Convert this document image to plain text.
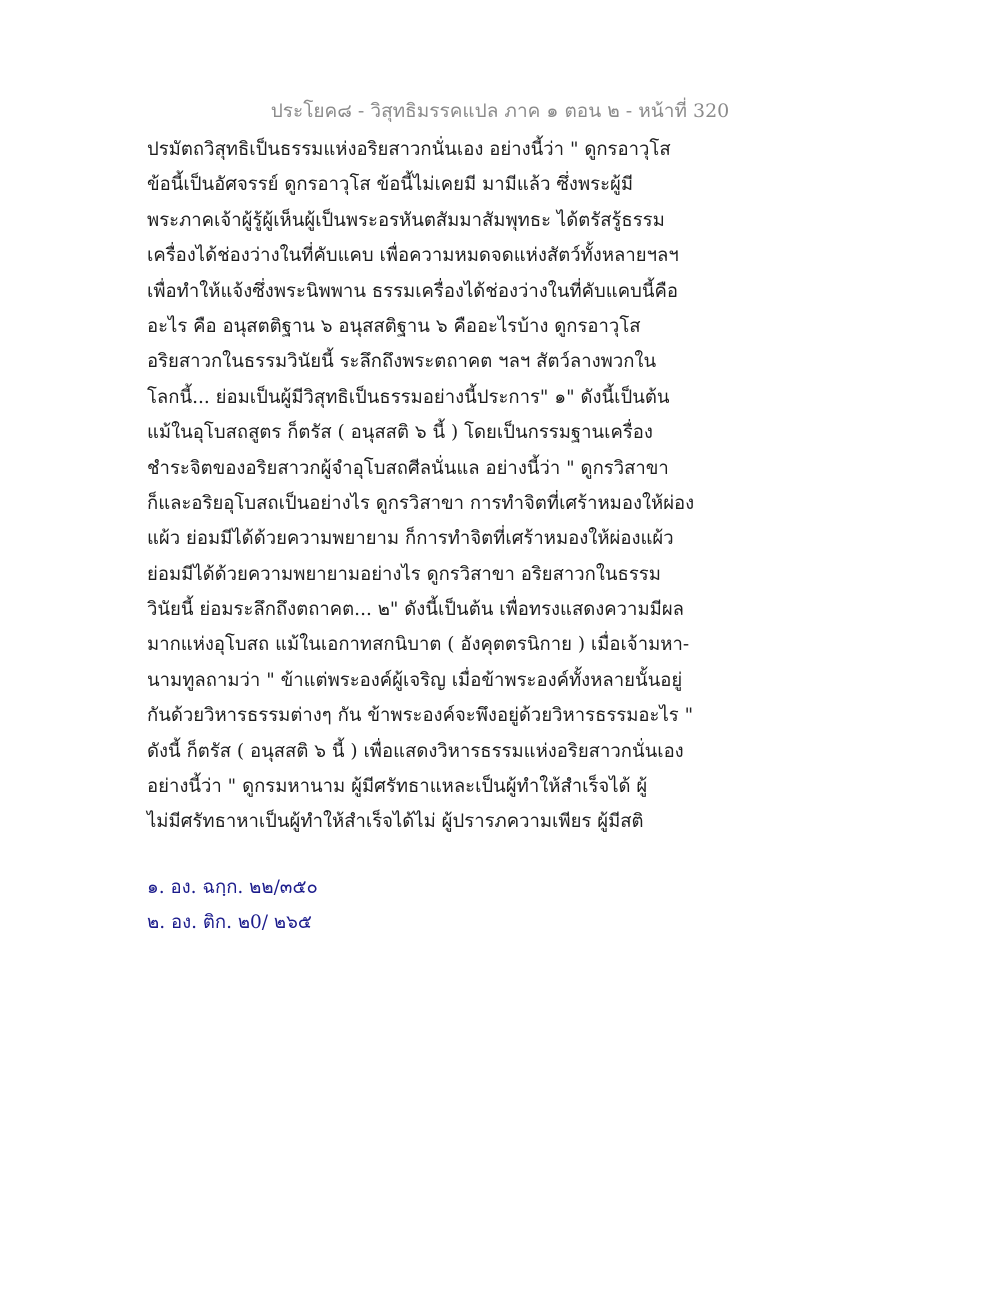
ประโยค๘ - วิสุทธิมรรคแปล ภาค ๑ ตอน ๒ - หน้าที่ 320
ปรมัตถวิสุทธิเป็นธรรมแห่งอริยสาวกนั่นเอง อย่างนี้ว่า " ดูกรอาวุโส
ข้อนี้เป็นอัศจรรย์ ดูกรอาวุโส ข้อนี้ไม่เคยมี มามีแล้ว ซึ่งพระผู้มี
พระภาคเจ้าผู้รู้ผู้เห็นผู้เป็นพระอรหันตสัมมาสัมพุทธะ ได้ตรัสรู้ธรรม
เครื่องได้ช่องว่างในที่คับแคบ เพื่อความหมดจดแห่งสัตว์ทั้งหลายฯลฯ
เพื่อทำให้แจ้งซึ่งพระนิพพาน ธรรมเครื่องได้ช่องว่างในที่คับแคบนี้คือ
อะไร คือ อนุสตติฐาน ๖ อนุสสติฐาน ๖ คืออะไรบ้าง ดูกรอาวุโส
อริยสาวกในธรรมวินัยนี้ ระลึกถึงพระตถาคต ฯลฯ สัตว์ลางพวกใน
โลกนี้... ย่อมเป็นผู้มีวิสุทธิเป็นธรรมอย่างนี้ประการ" ๑" ดังนี้เป็นต้น
แม้ในอุโบสถสูตร ก็ตรัส ( อนุสสติ ๖ นี้ ) โดยเป็นกรรมฐานเครื่อง
ชำระจิตของอริยสาวกผู้จำอุโบสถศีลนั่นแล อย่างนี้ว่า " ดูกรวิสาขา
ก็และอริยอุโบสถเป็นอย่างไร ดูกรวิสาขา การทำจิตที่เศร้าหมองให้ผ่อง
แผ้ว ย่อมมีได้ด้วยความพยายาม ก็การทำจิตที่เศร้าหมองให้ผ่องแผ้ว
ย่อมมีได้ด้วยความพยายามอย่างไร ดูกรวิสาขา อริยสาวกในธรรม
วินัยนี้ ย่อมระลึกถึงตถาคต... ๒" ดังนี้เป็นต้น เพื่อทรงแสดงความมีผล
มากแห่งอุโบสถ แม้ในเอกาทสกนิบาต ( อังคุตตรนิกาย ) เมื่อเจ้ามหา-
นามทูลถามว่า " ข้าแต่พระองค์ผู้เจริญ เมื่อข้าพระองค์ทั้งหลายนั้นอยู่
กันด้วยวิหารธรรมต่างๆ กัน ข้าพระองค์จะพึงอยู่ด้วยวิหารธรรมอะไร "
ดังนี้ ก็ตรัส ( อนุสสติ ๖ นี้ ) เพื่อแสดงวิหารธรรมแห่งอริยสาวกนั่นเอง
อย่างนี้ว่า " ดูกรมหานาม ผู้มีศรัทธาแหละเป็นผู้ทำให้สำเร็จได้ ผู้
ไม่มีศรัทธาหาเป็นผู้ทำให้สำเร็จได้ไม่ ผู้ปรารภความเพียร ผู้มีสติ
๑. อง. ฉกฺก. ๒๒/๓๕๐
๒. อง. ติก. ๒0/ ๒๖๕
